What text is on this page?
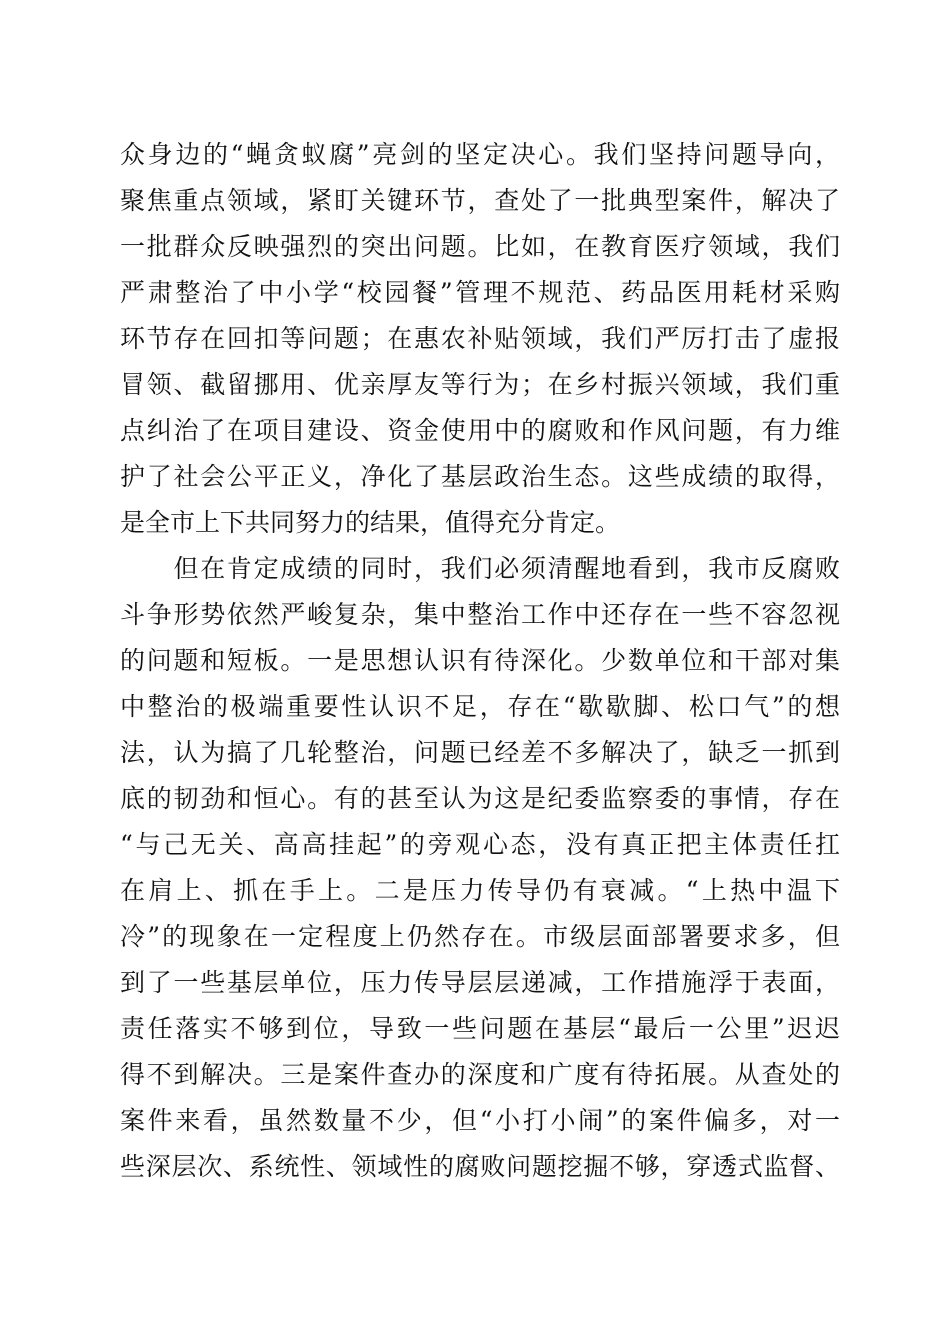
众身边的“蝇贪蚁腐”亮剑的坚定决心。我们坚持问题导向，
聚焦重点领域，紧盯关键环节，查处了一批典型案件，解决了
一批群众反映强烈的突出问题。比如，在教育医疗领域，我们
严肃整治了中小学“校园餐”管理不规范、药品医用耗材采购
环节存在回扣等问题；在惠农补贴领域，我们严厉打击了虚报
冒领、截留挪用、优亲厚友等行为；在乡村振兴领域，我们重
点纠治了在项目建设、资金使用中的腐败和作风问题，有力维
护了社会公平正义，净化了基层政治生态。这些成绩的取得，
是全市上下共同努力的结果，值得充分肯定。
　　但在肯定成绩的同时，我们必须清醒地看到，我市反腐败
斗争形势依然严峻复杂，集中整治工作中还存在一些不容忽视
的问题和短板。一是思想认识有待深化。少数单位和干部对集
中整治的极端重要性认识不足，存在“歇歇脚、松口气”的想
法，认为搞了几轮整治，问题已经差不多解决了，缺乏一抓到
底的韧劲和恒心。有的甚至认为这是纪委监察委的事情，存在
“与己无关、高高挂起”的旁观心态，没有真正把主体责任扛
在肩上、抓在手上。二是压力传导仍有衰减。“上热中温下
冷”的现象在一定程度上仍然存在。市级层面部署要求多，但
到了一些基层单位，压力传导层层递减，工作措施浮于表面，
责任落实不够到位，导致一些问题在基层“最后一公里”迟迟
得不到解决。三是案件查办的深度和广度有待拓展。从查处的
案件来看，虽然数量不少，但“小打小闹”的案件偏多，对一
些深层次、系统性、领域性的腐败问题挖掘不够，穿透式监督、
